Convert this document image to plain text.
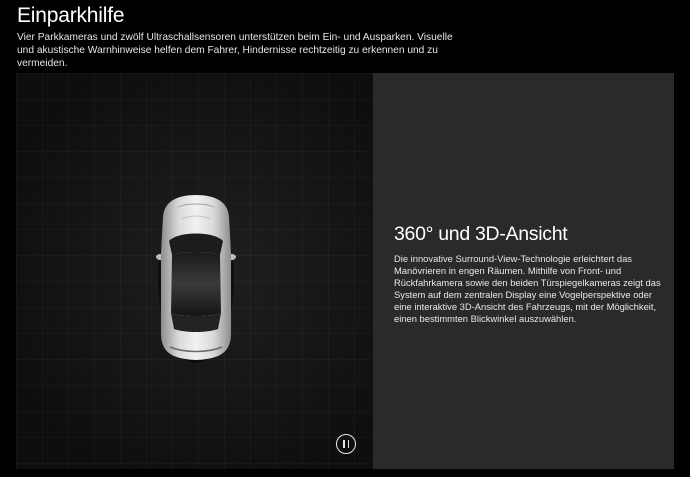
Einparkhilfe

Vier Parkkameras und zwölf Ultraschallsensoren unterstützen beim Ein- und Ausparken. Visuelle und akustische Warnhinweise helfen dem Fahrer, Hindernisse rechtzeitig zu erkennen und zu vermeiden.

360° und 3D-Ansicht

Die innovative Surround-View-Technologie erleichtert das Manövrieren in engen Räumen. Mithilfe von Front- und Rückfahrkamera sowie den beiden Türspiegelkameras zeigt das System auf dem zentralen Display eine Vogelperspektive oder eine interaktive 3D-Ansicht des Fahrzeugs, mit der Möglichkeit, einen bestimmten Blickwinkel auszuwählen.
